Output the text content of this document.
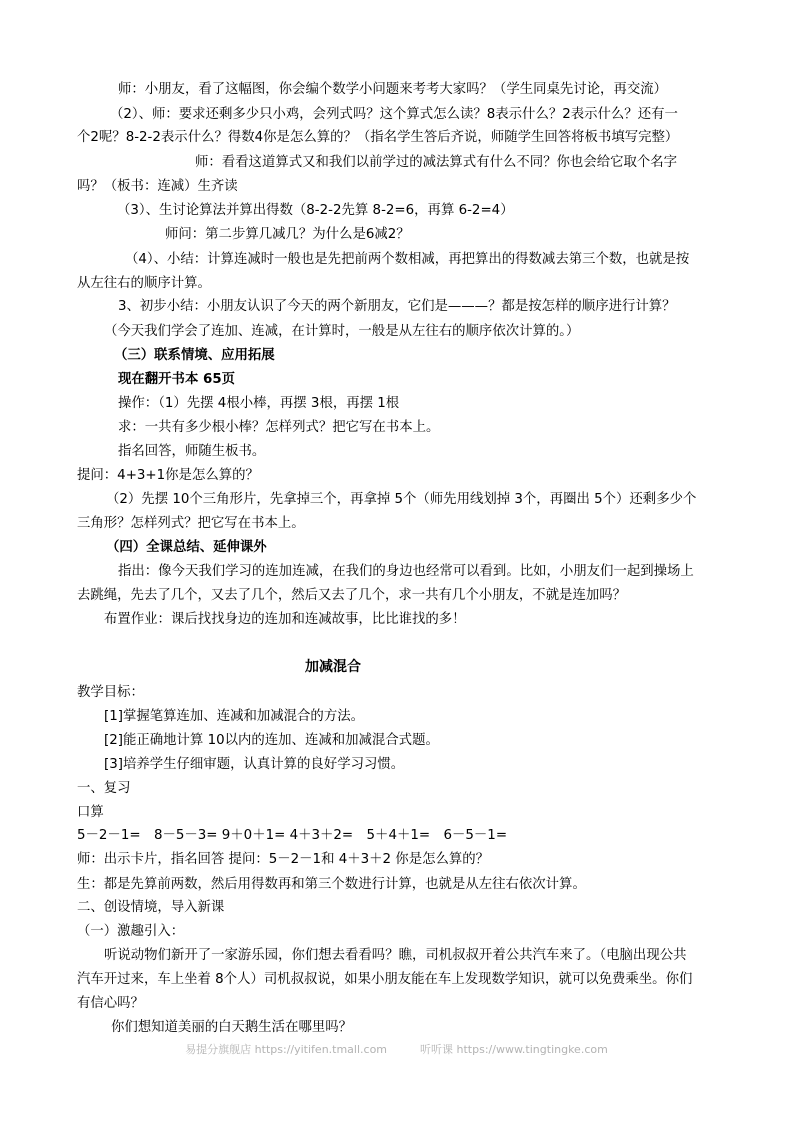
师：小朋友，看了这幅图，你会编个数学小问题来考考大家吗？（学生同桌先讨论，再交流）
（2）、师：要求还剩多少只小鸡，会列式吗？这个算式怎么读？8表示什么？2表示什么？还有一
个2呢？8-2-2表示什么？得数4你是怎么算的？（指名学生答后齐说，师随学生回答将板书填写完整）
师：看看这道算式又和我们以前学过的减法算式有什么不同？你也会给它取个名字
吗？（板书：连减）生齐读
（3）、生讨论算法并算出得数（8-2-2先算 8-2=6，再算 6-2=4）
师问：第二步算几减几？为什么是6减2？
（4）、小结：计算连减时一般也是先把前两个数相减，再把算出的得数减去第三个数，也就是按
从左往右的顺序计算。
3、初步小结：小朋友认识了今天的两个新朋友，它们是———？都是按怎样的顺序进行计算？
（今天我们学会了连加、连减，在计算时，一般是从左往右的顺序依次计算的。）
（三）联系情境、应用拓展
现在翻开书本 65页
操作：（1）先摆 4根小棒，再摆 3根，再摆 1根
求：一共有多少根小棒？怎样列式？把它写在书本上。
指名回答，师随生板书。
提问：4+3+1你是怎么算的？
（2）先摆 10个三角形片，先拿掉三个，再拿掉 5个（师先用线划掉 3个，再圈出 5个）还剩多少个
三角形？怎样列式？把它写在书本上。
（四）全课总结、延伸课外
指出：像今天我们学习的连加连减，在我们的身边也经常可以看到。比如，小朋友们一起到操场上
去跳绳，先去了几个，又去了几个，然后又去了几个，求一共有几个小朋友，不就是连加吗？
布置作业：课后找找身边的连加和连减故事，比比谁找的多！
加减混合
教学目标：
[1]掌握笔算连加、连减和加减混合的方法。
[2]能正确地计算 10以内的连加、连减和加减混合式题。
[3]培养学生仔细审题，认真计算的良好学习习惯。
一、复习
口算
5－2－1=　8－5－3= 9＋0＋1= 4＋3＋2=　5＋4＋1=　6－5－1=
师：出示卡片，指名回答 提问：5－2－1和 4＋3＋2 你是怎么算的？
生：都是先算前两数，然后用得数再和第三个数进行计算，也就是从左往右依次计算。
二、创设情境，导入新课
（一）激趣引入：
听说动物们新开了一家游乐园，你们想去看看吗？瞧，司机叔叔开着公共汽车来了。（电脑出现公共
汽车开过来，车上坐着 8个人）司机叔叔说，如果小朋友能在车上发现数学知识，就可以免费乘坐。你们
有信心吗？
你们想知道美丽的白天鹅生活在哪里吗？
易提分旗舰店 https://yitifen.tmall.com　　　听听课 https://www.tingtingke.com
